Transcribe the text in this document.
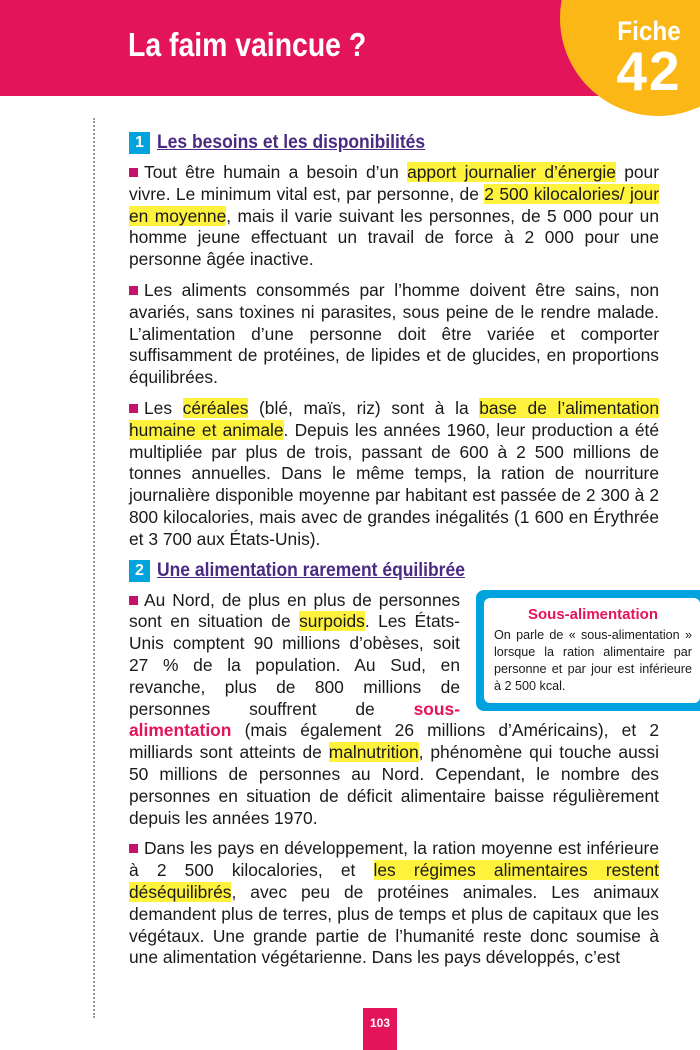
La faim vaincue ?	Fiche
42
1 Les besoins et les disponibilités

Tout être humain a besoin d’un apport journalier d’énergie pour vivre. Le minimum vital est, par personne, de 2 500 kilocalories/ jour en moyenne, mais il varie suivant les personnes, de 5 000 pour un homme jeune effectuant un travail de force à 2 000 pour une personne âgée inactive.

Les aliments consommés par l’homme doivent être sains, non avariés, sans toxines ni parasites, sous peine de le rendre malade. L’alimentation d’une personne doit être variée et comporter suffisamment de protéines, de lipides et de glucides, en proportions équilibrées.

Les céréales (blé, maïs, riz) sont à la base de l’alimentation humaine et animale. Depuis les années 1960, leur production a été multipliée par plus de trois, passant de 600 à 2 500 millions de tonnes annuelles. Dans le même temps, la ration de nourriture journalière disponible moyenne par habitant est passée de 2 300 à 2 800 kilocalories, mais avec de grandes inégalités (1 600 en Érythrée et 3 700 aux États-Unis).

2 Une alimentation rarement équilibrée
Sous-alimentation
On parle de « sous-alimentation » lorsque la ration alimentaire par personne et par jour est inférieure à 2 500 kcal.

Au Nord, de plus en plus de personnes sont en situation de surpoids. Les États-Unis comptent 90 millions d’obèses, soit 27 % de la population. Au Sud, en revanche, plus de 800 millions de personnes souffrent de sous-alimentation (mais également 26 millions d’Américains), et 2 milliards sont atteints de malnutrition, phénomène qui touche aussi 50 millions de personnes au Nord. Cependant, le nombre des personnes en situation de déficit alimentaire baisse régulièrement depuis les années 1970.

Dans les pays en développement, la ration moyenne est inférieure à 2 500 kilocalories, et les régimes alimentaires restent déséquilibrés, avec peu de protéines animales. Les animaux demandent plus de terres, plus de temps et plus de capitaux que les végétaux. Une grande partie de l’humanité reste donc soumise à une alimentation végétarienne. Dans les pays développés, c’est

103
